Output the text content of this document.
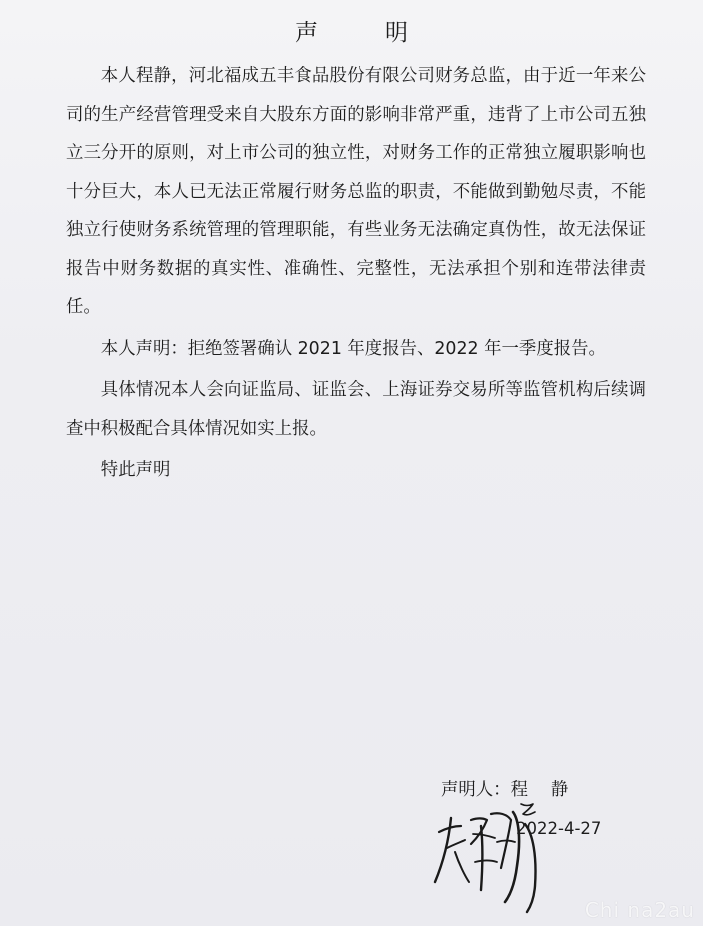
声　明

本人程静，河北福成五丰食品股份有限公司财务总监，由于近一年来公司的生产经营管理受来自大股东方面的影响非常严重，违背了上市公司五独立三分开的原则，对上市公司的独立性，对财务工作的正常独立履职影响也十分巨大，本人已无法正常履行财务总监的职责，不能做到勤勉尽责，不能独立行使财务系统管理的管理职能，有些业务无法确定真伪性，故无法保证报告中财务数据的真实性、准确性、完整性，无法承担个别和连带法律责任。

本人声明：拒绝签署确认 2021 年度报告、2022 年一季度报告。

具体情况本人会向证监局、证监会、上海证券交易所等监管机构后续调查中积极配合具体情况如实上报。

特此声明

声明人：程　 静
2022-4-27
Chi na2au
